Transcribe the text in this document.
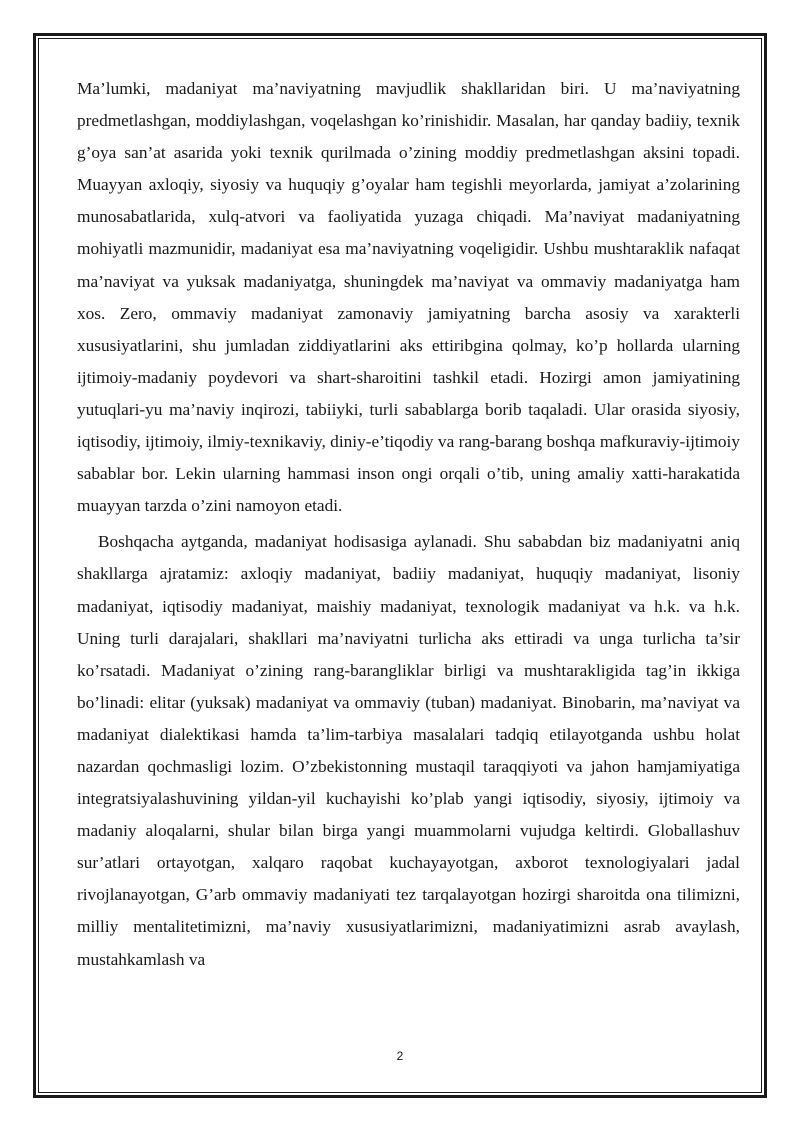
Ma’lumki, madaniyat ma’naviyatning mavjudlik shakllaridan biri. U ma’naviyatning predmetlashgan, moddiylashgan, voqelashgan ko’rinishidir. Masalan, har qanday badiiy, texnik g’oya san’at asarida yoki texnik qurilmada o’zining moddiy predmetlashgan aksini topadi. Muayyan axloqiy, siyosiy va huquqiy g’oyalar ham tegishli meyorlarda, jamiyat a’zolarining munosabatlarida, xulq-atvori va faoliyatida yuzaga chiqadi. Ma’naviyat madaniyatning mohiyatli mazmunidir, madaniyat esa ma’naviyatning voqeligidir. Ushbu mushtaraklik nafaqat ma’naviyat va yuksak madaniyatga, shuningdek ma’naviyat va ommaviy madaniyatga ham xos. Zero, ommaviy madaniyat zamonaviy jamiyatning barcha asosiy va xarakterli xususiyatlarini, shu jumladan ziddiyatlarini aks ettiribgina qolmay, ko’p hollarda ularning ijtimoiy-madaniy poydevori va shart-sharoitini tashkil etadi. Hozirgi amon jamiyatining yutuqlari-yu ma’naviy inqirozi, tabiiyki, turli sabablarga borib taqaladi. Ular orasida siyosiy, iqtisodiy, ijtimoiy, ilmiy-texnikaviy, diniy-e’tiqodiy va rang-barang boshqa mafkuraviy-ijtimoiy sabablar bor. Lekin ularning hammasi inson ongi orqali o’tib, uning amaliy xatti-harakatida muayyan tarzda o’zini namoyon etadi.

Boshqacha aytganda, madaniyat hodisasiga aylanadi. Shu sababdan biz madaniyatni aniq shakllarga ajratamiz: axloqiy madaniyat, badiiy madaniyat, huquqiy madaniyat, lisoniy madaniyat, iqtisodiy madaniyat, maishiy madaniyat, texnologik madaniyat va h.k. va h.k. Uning turli darajalari, shakllari ma’naviyatni turlicha aks ettiradi va unga turlicha ta’sir ko’rsatadi. Madaniyat o’zining rang-barangliklar birligi va mushtarakligida tag’in ikkiga bo’linadi: elitar (yuksak) madaniyat va ommaviy (tuban) madaniyat. Binobarin, ma’naviyat va madaniyat dialektikasi hamda ta’lim-tarbiya masalalari tadqiq etilayotganda ushbu holat nazardan qochmasligi lozim. O’zbekistonning mustaqil taraqqiyoti va jahon hamjamiyatiga integratsiyalashuvining yildan-yil kuchayishi ko’plab yangi iqtisodiy, siyosiy, ijtimoiy va madaniy aloqalarni, shular bilan birga yangi muammolarni vujudga keltirdi. Globallashuv sur’atlari ortayotgan, xalqaro raqobat kuchayayotgan, axborot texnologiyalari jadal rivojlanayotgan, G’arb ommaviy madaniyati tez tarqalayotgan hozirgi sharoitda ona tilimizni, milliy mentalitetimizni, ma’naviy xususiyatlarimizni, madaniyatimizni asrab avaylash, mustahkamlash va

2
